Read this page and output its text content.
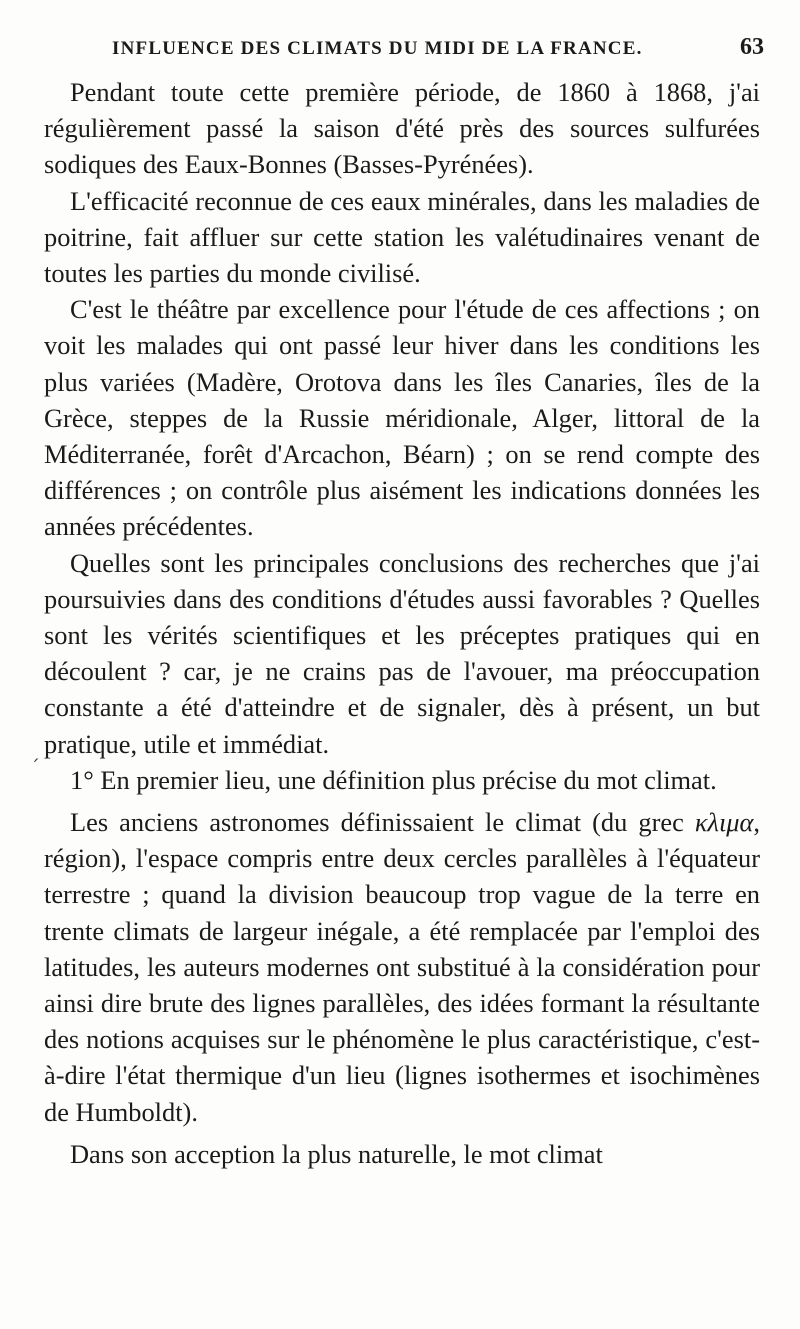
INFLUENCE DES CLIMATS DU MIDI DE LA FRANCE.	63
´

Pendant toute cette première période, de 1860 à 1868, j'ai régulièrement passé la saison d'été près des sources sulfurées sodiques des Eaux-Bonnes (Basses-Pyrénées).

L'efficacité reconnue de ces eaux minérales, dans les maladies de poitrine, fait affluer sur cette station les valétudinaires venant de toutes les parties du monde civilisé.

C'est le théâtre par excellence pour l'étude de ces affections ; on voit les malades qui ont passé leur hiver dans les conditions les plus variées (Madère, Orotova dans les îles Canaries, îles de la Grèce, steppes de la Russie méridionale, Alger, littoral de la Méditerranée, forêt d'Arcachon, Béarn) ; on se rend compte des différences ; on contrôle plus aisément les indications données les années précédentes.

Quelles sont les principales conclusions des recherches que j'ai poursuivies dans des conditions d'études aussi favorables ? Quelles sont les vérités scientifiques et les préceptes pratiques qui en découlent ? car, je ne crains pas de l'avouer, ma préoccupation constante a été d'atteindre et de signaler, dès à présent, un but pratique, utile et immédiat.

1° En premier lieu, une définition plus précise du mot climat.

Les anciens astronomes définissaient le climat (du grec κλιμα, région), l'espace compris entre deux cercles parallèles à l'équateur terrestre ; quand la division beaucoup trop vague de la terre en trente climats de largeur inégale, a été remplacée par l'emploi des latitudes, les auteurs modernes ont substitué à la considération pour ainsi dire brute des lignes parallèles, des idées formant la résultante des notions acquises sur le phénomène le plus caractéristique, c'est-à-dire l'état thermique d'un lieu (lignes isothermes et isochimènes de Humboldt).

Dans son acception la plus naturelle, le mot climat
